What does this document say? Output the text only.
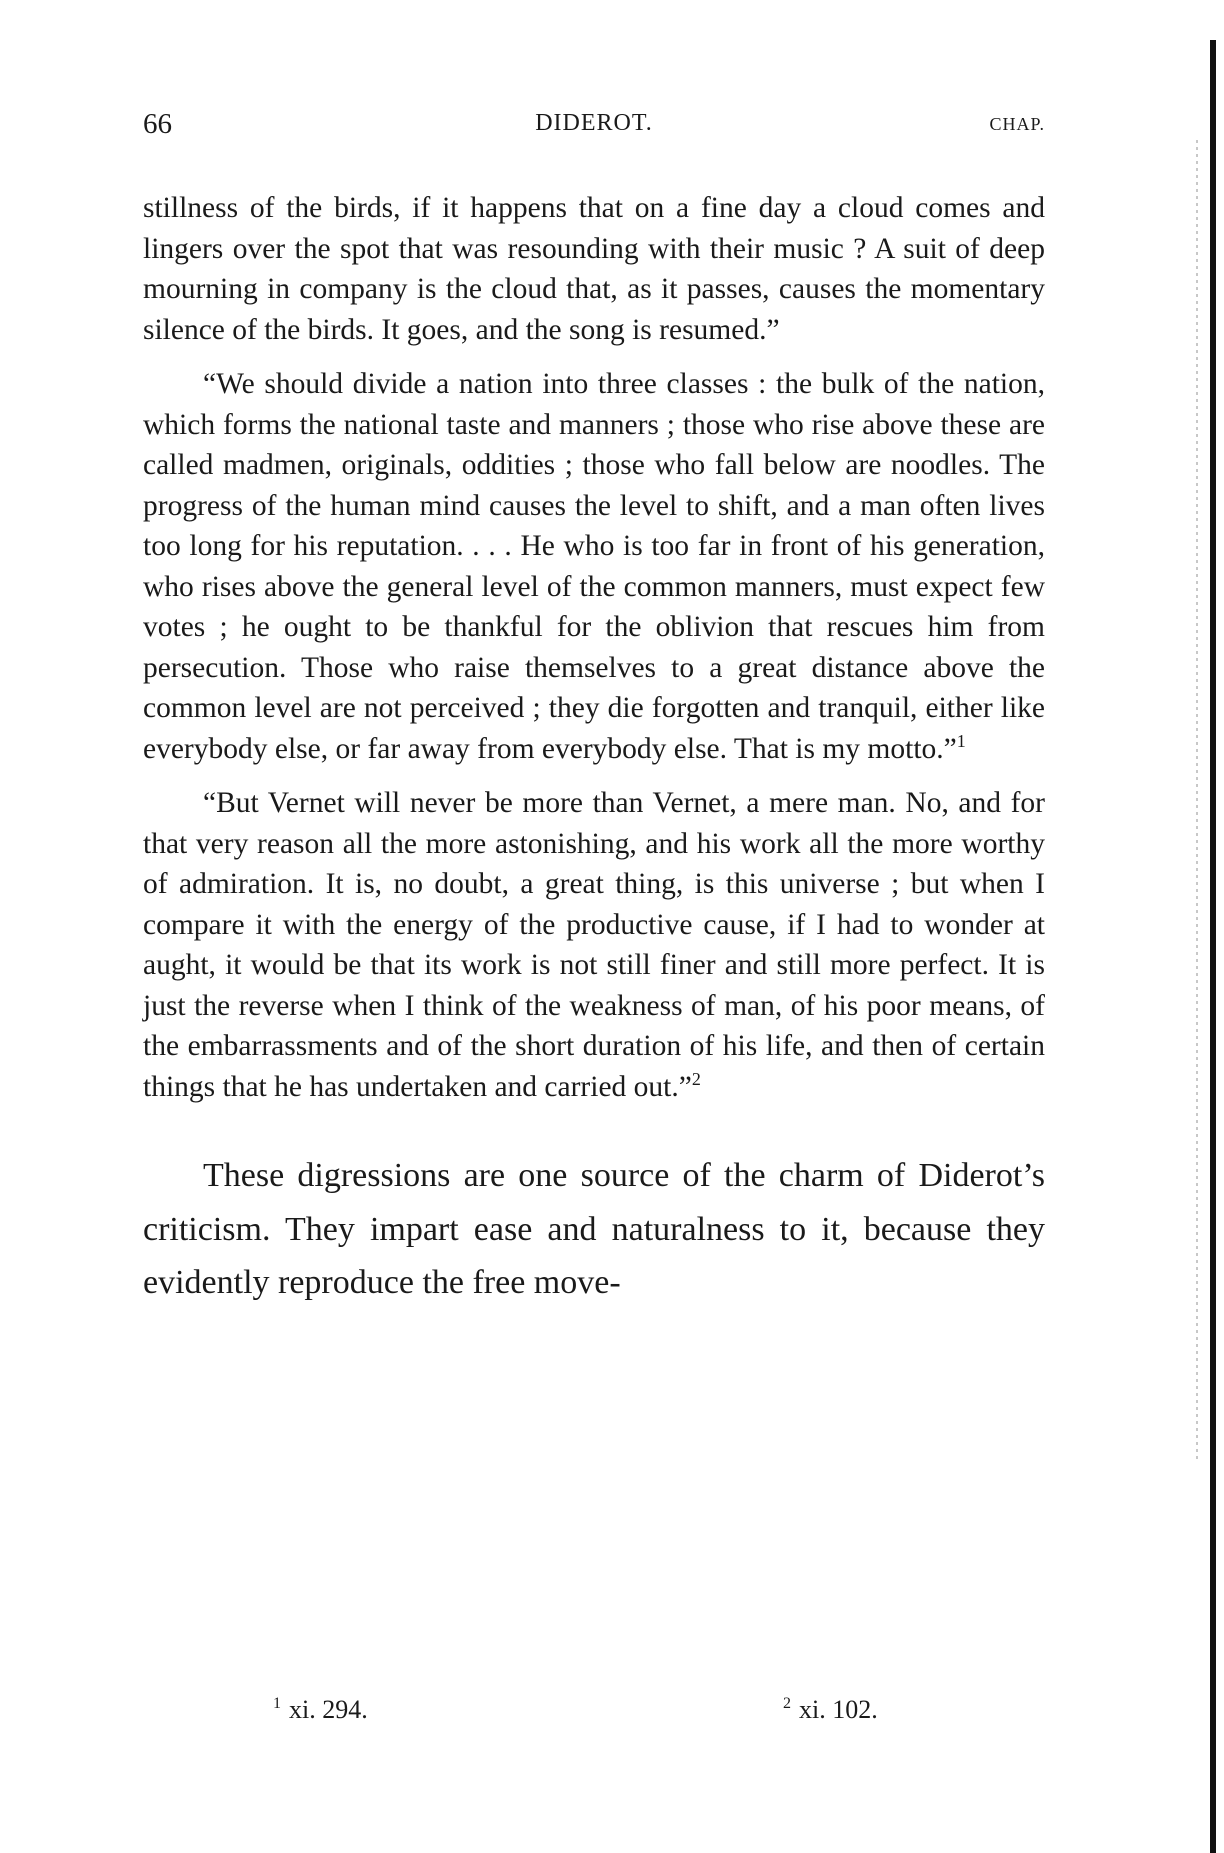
66	DIDEROT.	CHAP.

stillness of the birds, if it happens that on a fine day a cloud comes and lingers over the spot that was resounding with their music ? A suit of deep mourning in company is the cloud that, as it passes, causes the momentary silence of the birds. It goes, and the song is resumed.”

“We should divide a nation into three classes : the bulk of the nation, which forms the national taste and manners ; those who rise above these are called madmen, originals, oddities ; those who fall below are noodles. The progress of the human mind causes the level to shift, and a man often lives too long for his reputation. . . . He who is too far in front of his generation, who rises above the general level of the common manners, must expect few votes ; he ought to be thankful for the oblivion that rescues him from persecution. Those who raise themselves to a great distance above the common level are not perceived ; they die forgotten and tranquil, either like everybody else, or far away from everybody else. That is my motto.”$^1$

“But Vernet will never be more than Vernet, a mere man. No, and for that very reason all the more astonishing, and his work all the more worthy of admiration. It is, no doubt, a great thing, is this universe ; but when I compare it with the energy of the productive cause, if I had to wonder at aught, it would be that its work is not still finer and still more perfect. It is just the reverse when I think of the weakness of man, of his poor means, of the embarrassments and of the short duration of his life, and then of certain things that he has undertaken and carried out.”$^2$

These digressions are one source of the charm of Diderot’s criticism. They impart ease and naturalness to it, because they evidently reproduce the free move-

$^1$ xi. 294.	$^2$ xi. 102.
